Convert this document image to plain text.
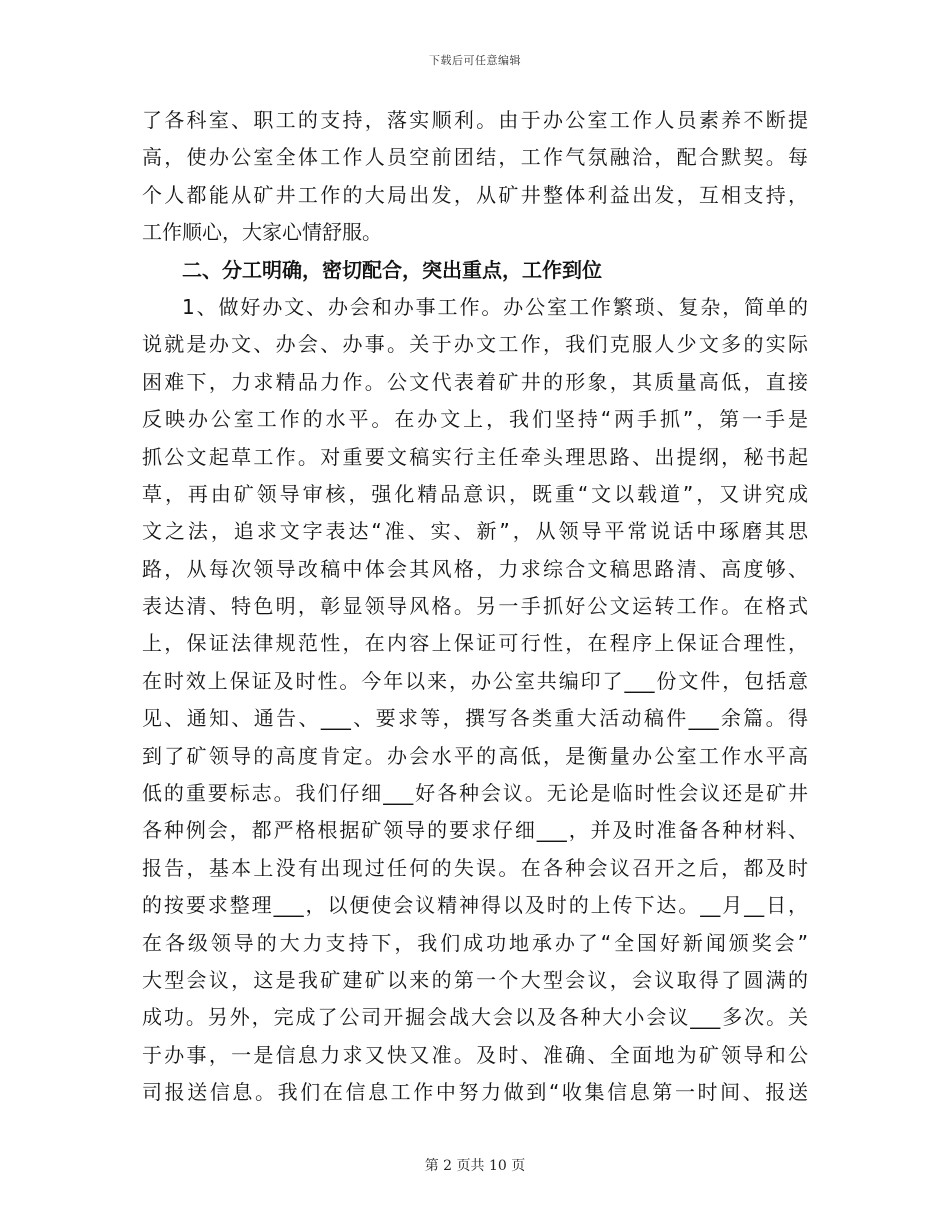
下载后可任意编辑
了各科室、职工的支持，落实顺利。由于办公室工作人员素养不断提
高，使办公室全体工作人员空前团结，工作气氛融洽，配合默契。每
个人都能从矿井工作的大局出发，从矿井整体利益出发，互相支持，
工作顺心，大家心情舒服。
二、分工明确，密切配合，突出重点，工作到位
1、做好办文、办会和办事工作。办公室工作繁琐、复杂，简单的
说就是办文、办会、办事。关于办文工作，我们克服人少文多的实际
困难下，力求精品力作。公文代表着矿井的形象，其质量高低，直接
反映办公室工作的水平。在办文上，我们坚持“两手抓”，第一手是
抓公文起草工作。对重要文稿实行主任牵头理思路、出提纲，秘书起
草，再由矿领导审核，强化精品意识，既重“文以载道”，又讲究成
文之法，追求文字表达“准、实、新”，从领导平常说话中琢磨其思
路，从每次领导改稿中体会其风格，力求综合文稿思路清、高度够、
表达清、特色明，彰显领导风格。另一手抓好公文运转工作。在格式
上，保证法律规范性，在内容上保证可行性，在程序上保证合理性，
在时效上保证及时性。今年以来，办公室共编印了___份文件，包括意
见、通知、通告、___、要求等，撰写各类重大活动稿件___余篇。得
到了矿领导的高度肯定。办会水平的高低，是衡量办公室工作水平高
低的重要标志。我们仔细___好各种会议。无论是临时性会议还是矿井
各种例会，都严格根据矿领导的要求仔细___，并及时准备各种材料、
报告，基本上没有出现过任何的失误。在各种会议召开之后，都及时
的按要求整理___，以便使会议精神得以及时的上传下达。__月__日，
在各级领导的大力支持下，我们成功地承办了“全国好新闻颁奖会”
大型会议，这是我矿建矿以来的第一个大型会议，会议取得了圆满的
成功。另外，完成了公司开掘会战大会以及各种大小会议___多次。关
于办事，一是信息力求又快又准。及时、准确、全面地为矿领导和公
司报送信息。我们在信息工作中努力做到“收集信息第一时间、报送
第 2 页共 10 页
